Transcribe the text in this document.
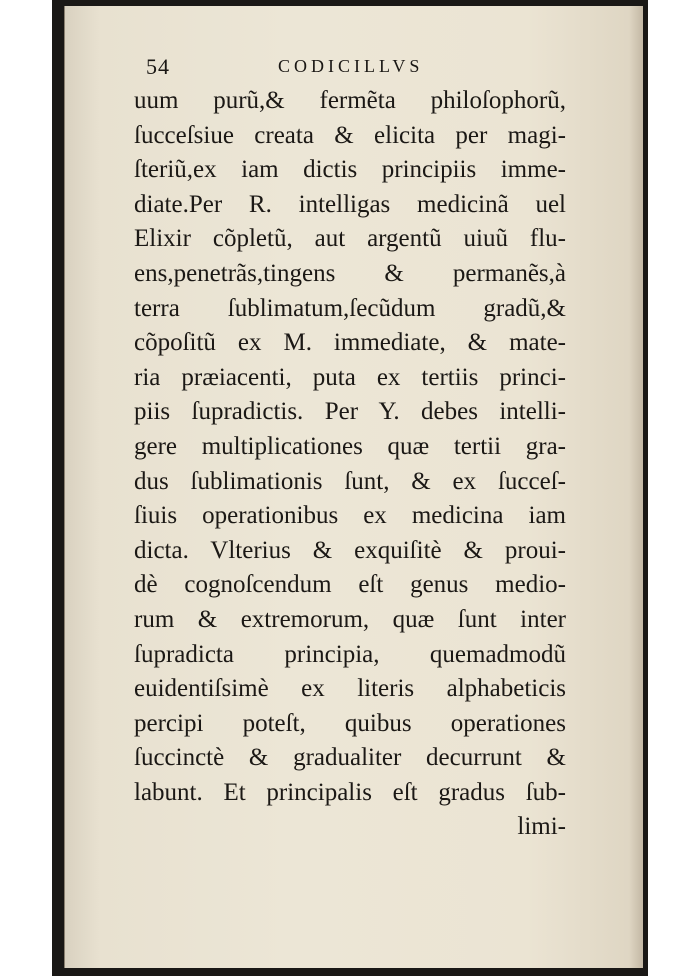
54	CODICILLVS
uum purũ,& fermẽta philoſophorũ,
ſucceſsiue creata & elicita per magi-
ſteriũ,ex iam dictis principiis imme-
diate.Per R. intelligas medicinã uel
Elixir cõpletũ, aut argentũ uiuũ flu-
ens,penetrãs,tingens & permanẽs,à
terra ſublimatum,ſecũdum gradũ,&
cõpoſitũ ex M. immediate, & mate-
ria præiacenti, puta ex tertiis princi-
piis ſupradictis. Per Y. debes intelli-
gere multiplicationes quæ tertii gra-
dus ſublimationis ſunt, & ex ſucceſ-
ſiuis operationibus ex medicina iam
dicta. Vlterius & exquiſitè & proui-
dè cognoſcendum eſt genus medio-
rum & extremorum, quæ ſunt inter
ſupradicta principia, quemadmodũ
euidentiſsimè ex literis alphabeticis
percipi poteſt, quibus operationes
ſuccinctè & gradualiter decurrunt &
labunt. Et principalis eſt gradus ſub-
limi-
